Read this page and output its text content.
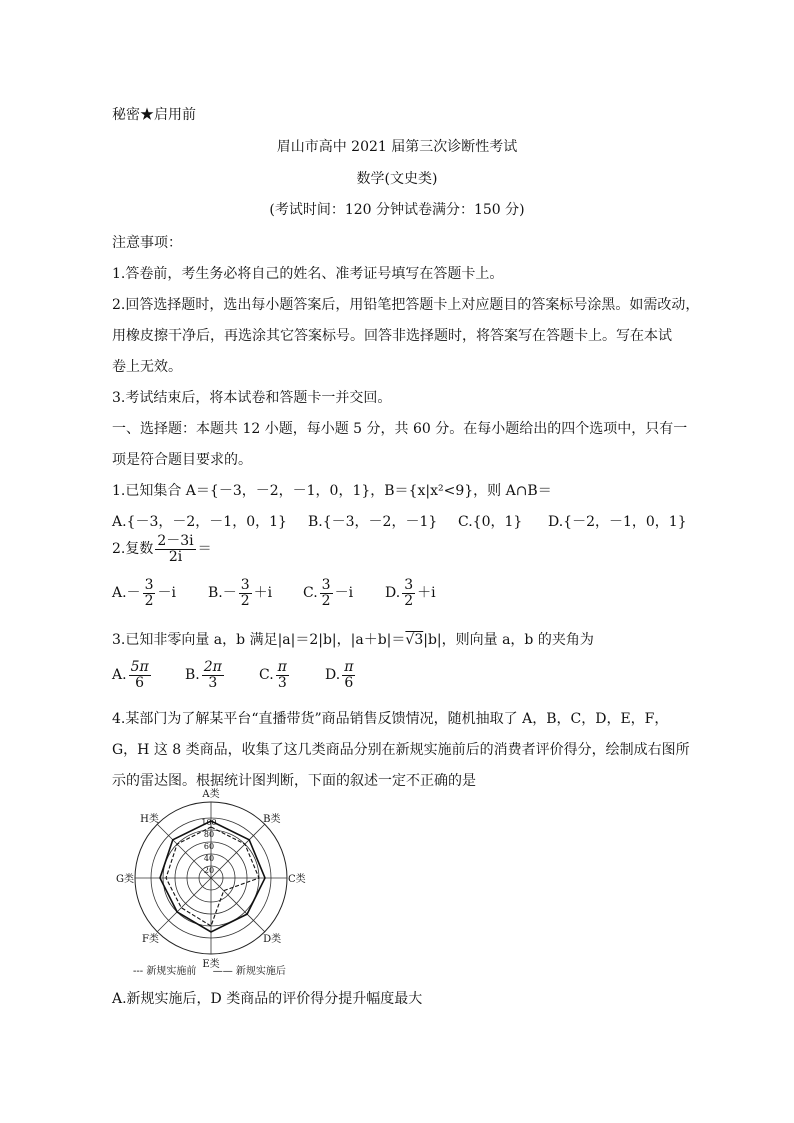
秘密★启用前
眉山市高中 2021 届第三次诊断性考试
数学(文史类)
(考试时间：120 分钟试卷满分：150 分)
注意事项：
1.答卷前，考生务必将自己的姓名、准考证号填写在答题卡上。
2.回答选择题时，选出每小题答案后，用铅笔把答题卡上对应题目的答案标号涂黑。如需改动，
用橡皮擦干净后，再选涂其它答案标号。回答非选择题时，将答案写在答题卡上。写在本试
卷上无效。
3.考试结束后，将本试卷和答题卡一并交回。
一、选择题：本题共 12 小题，每小题 5 分，共 60 分。在每小题给出的四个选项中，只有一
项是符合题目要求的。
1.已知集合 A＝{－3，－2，－1，0，1}，B＝{x|x²<9}，则 A∩B＝
A.{－3，－2，－1，0，1} B.{－3，－2，－1} C.{0，1} D.{－2，－1，0，1}
2.复数 $\frac{2-3i}{2i}$ ＝
$A.- \frac{3}{2} -i$ $B.- \frac{3}{2} +i$ C. $\frac{3}{2} -i$ D. $\frac{3}{2} +i$
3.已知非零向量 a，b 满足|a|＝2|b|，|a＋b|＝√3|b|，则向量 a，b 的夹角为
A. $\frac{5\pi}{6} B$. $\frac{2\pi}{3}$	C. $\frac{\pi}{3}$	D. $\frac{\pi}{6}$
4.某部门为了解某平台“直播带货”商品销售反馈情况，随机抽取了 A，B，C，D，E，F，
G，H 这 8 类商品，收集了这几类商品分别在新规实施前后的消费者评价得分，绘制成右图所
示的雷达图。根据统计图判断，下面的叙述一定不正确的是
20
40
60
80
100
A类
B类
C类
D类
E类
F类
G类
H类
--- 新规实施前 —— 新规实施后
A.新规实施后，D 类商品的评价得分提升幅度最大
